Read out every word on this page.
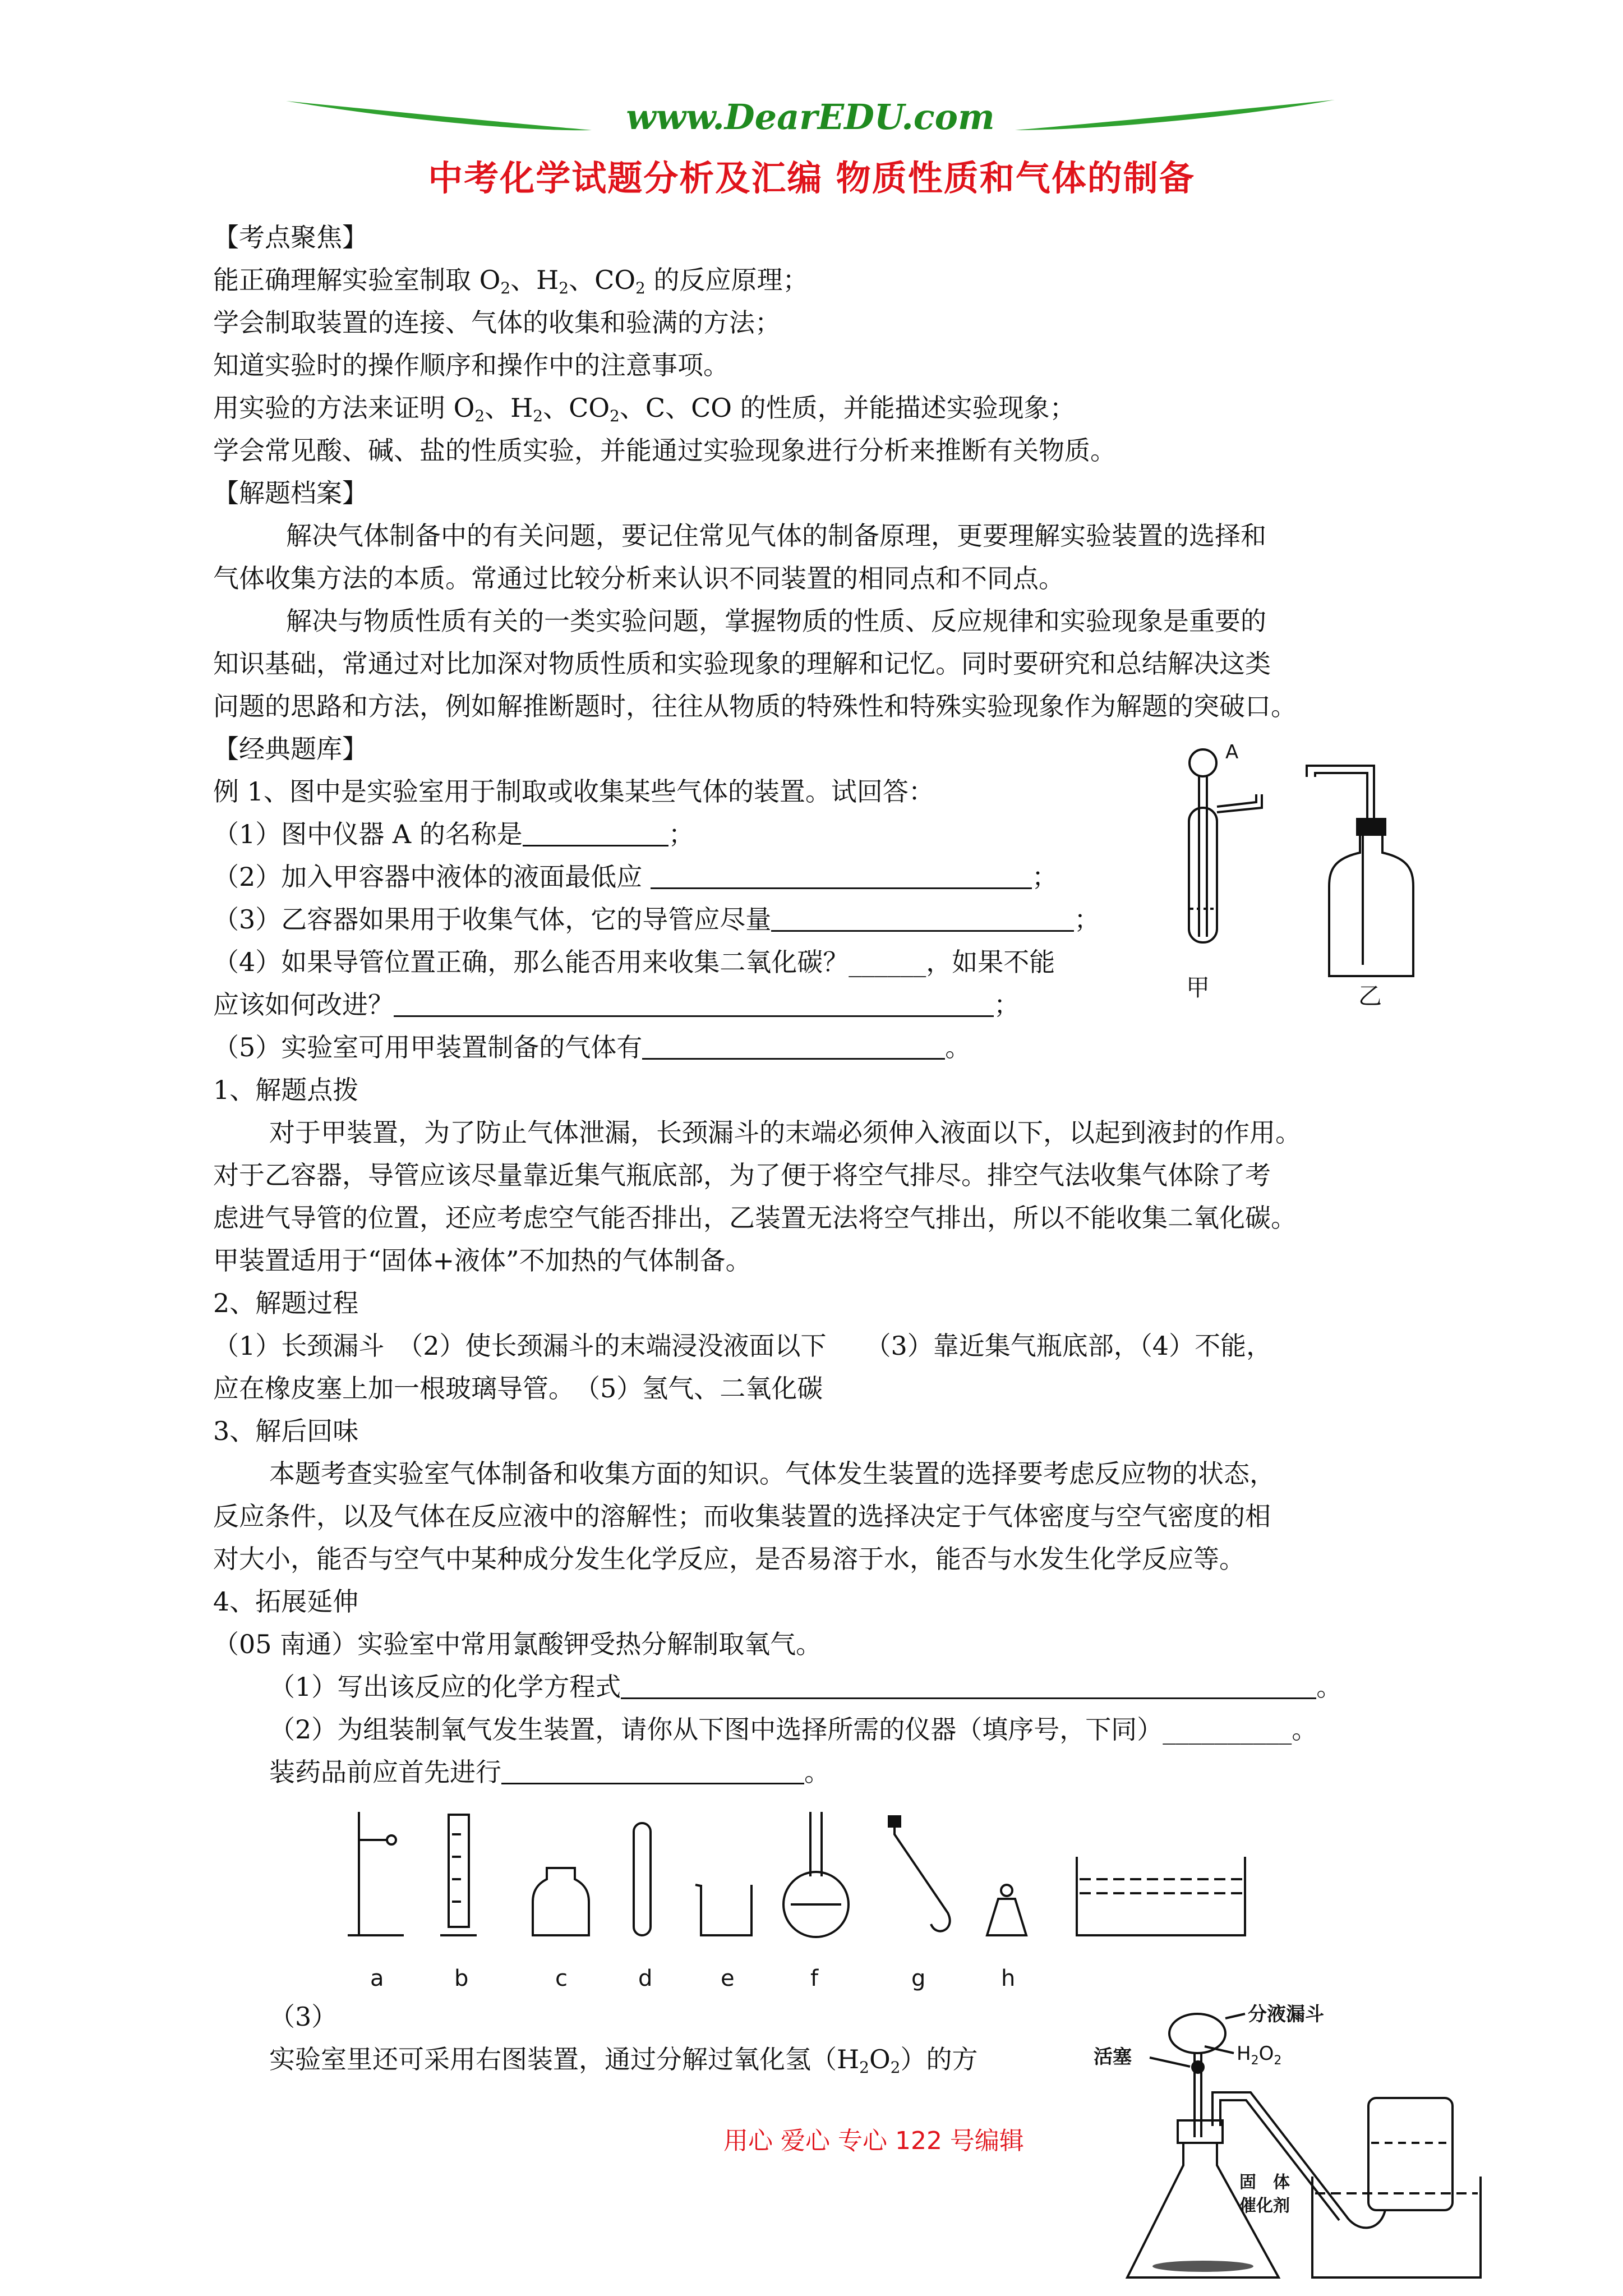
www.DearEDU.com
中考化学试题分析及汇编 物质性质和气体的制备
【考点聚焦】
能正确理解实验室制取 $O_2$、$H_2$、$CO_2$ 的反应原理；
学会制取装置的连接、气体的收集和验满的方法；
知道实验时的操作顺序和操作中的注意事项。
用实验的方法来证明 $O_2$、$H_2$、$CO_2$、C、CO 的性质，并能描述实验现象；
学会常见酸、碱、盐的性质实验，并能通过实验现象进行分析来推断有关物质。
【解题档案】
解决气体制备中的有关问题，要记住常见气体的制备原理，更要理解实验装置的选择和
气体收集方法的本质。常通过比较分析来认识不同装置的相同点和不同点。
解决与物质性质有关的一类实验问题，掌握物质的性质、反应规律和实验现象是重要的
知识基础，常通过对比加深对物质性质和实验现象的理解和记忆。同时要研究和总结解决这类
问题的思路和方法，例如解推断题时，往往从物质的特殊性和特殊实验现象作为解题的突破口。
【经典题库】
例 1、图中是实验室用于制取或收集某些气体的装置。试回答：
（1）图中仪器 A 的名称是	；
（2）加入甲容器中液体的液面最低应	；
（3）乙容器如果用于收集气体，它的导管应尽量	；
（4）如果导管位置正确，那么能否用来收集二氧化碳？______，如果不能
应该如何改进？	；
（5）实验室可用甲装置制备的气体有	。
1、解题点拨
对于甲装置，为了防止气体泄漏，长颈漏斗的末端必须伸入液面以下，以起到液封的作用。
对于乙容器，导管应该尽量靠近集气瓶底部，为了便于将空气排尽。排空气法收集气体除了考
虑进气导管的位置，还应考虑空气能否排出，乙装置无法将空气排出，所以不能收集二氧化碳。
甲装置适用于“固体+液体”不加热的气体制备。
2、解题过程
（1）长颈漏斗　（2）使长颈漏斗的末端浸没液面以下　　（3）靠近集气瓶底部，（4）不能，
应在橡皮塞上加一根玻璃导管。　（5）氢气、二氧化碳
3、解后回味
本题考查实验室气体制备和收集方面的知识。气体发生装置的选择要考虑反应物的状态，
反应条件，以及气体在反应液中的溶解性；而收集装置的选择决定于气体密度与空气密度的相
对大小，能否与空气中某种成分发生化学反应，是否易溶于水，能否与水发生化学反应等。
4、拓展延伸
（05 南通）实验室中常用氯酸钾受热分解制取氧气。
（1）写出该反应的化学方程式	。
（2）为组装制氧气发生装置，请你从下图中选择所需的仪器（填序号，下同）__________。
装药品前应首先进行	。
（3）
实验室里还可采用右图装置，通过分解过氧化氢$(H_2O_2)$的方
A
甲	乙
a	b	c	d	e	f	g	h
分液漏斗
活塞	$H_2O_2$
固　体
催化剂
用心 爱心 专心 122 号编辑
